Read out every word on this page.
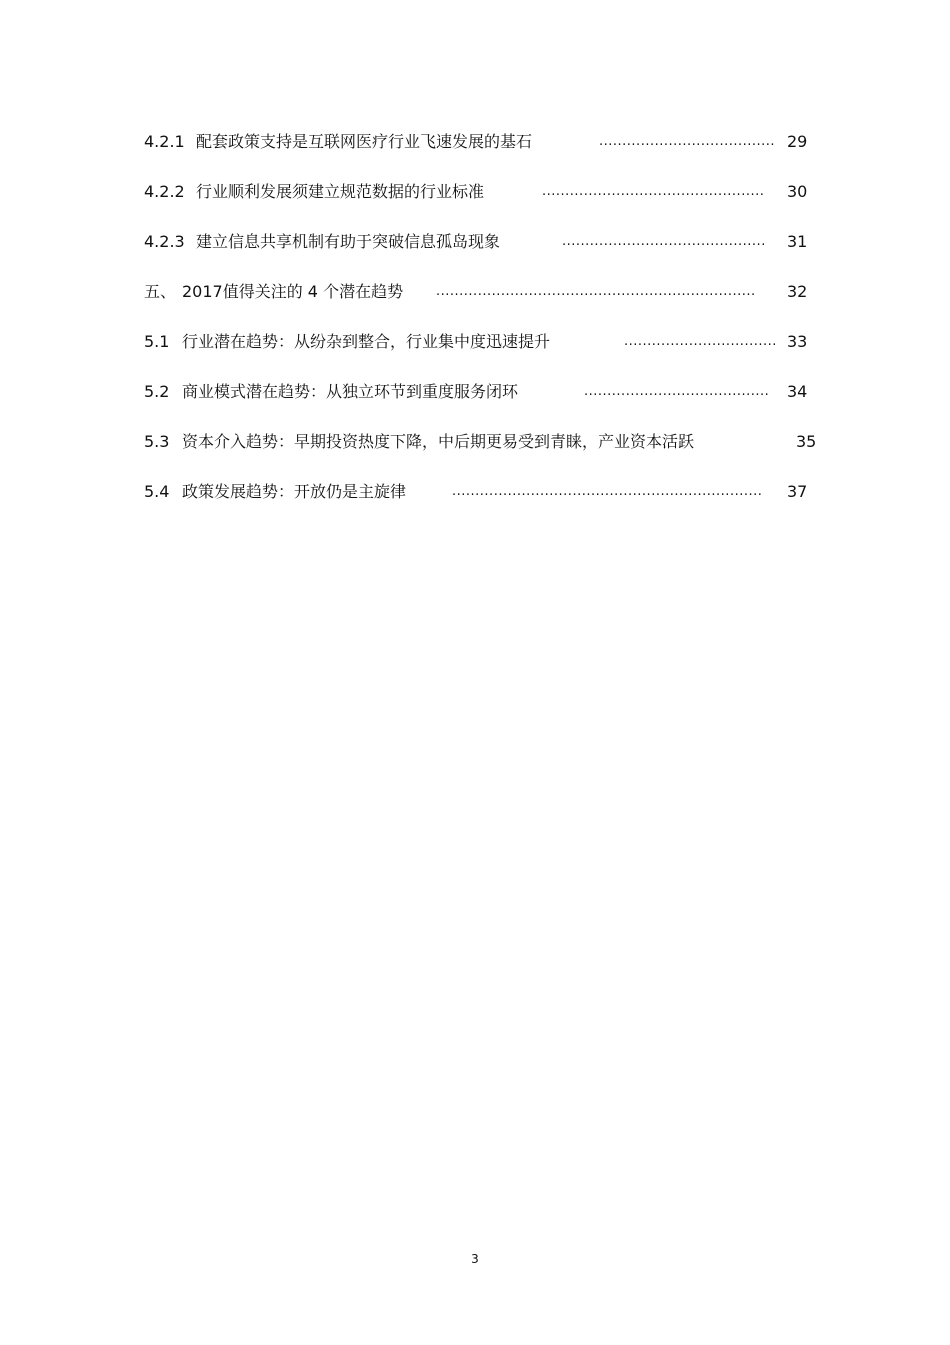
4.2.1 配套政策支持是互联网医疗行业飞速发展的基石	...................................... 29
4.2.2 行业顺利发展须建立规范数据的行业标准	................................................ 30
4.2.3 建立信息共享机制有助于突破信息孤岛现象	............................................ 31
五、 2017值得关注的 4 个潜在趋势	..................................................................... 32
5.1 行业潜在趋势：从纷杂到整合，行业集中度迅速提升	................................. 33
5.2 商业模式潜在趋势：从独立环节到重度服务闭环	........................................ 34
5.3 资本介入趋势：早期投资热度下降，中后期更易受到青睐，产业资本活跃	35
5.4 政策发展趋势：开放仍是主旋律	................................................................... 37
3
